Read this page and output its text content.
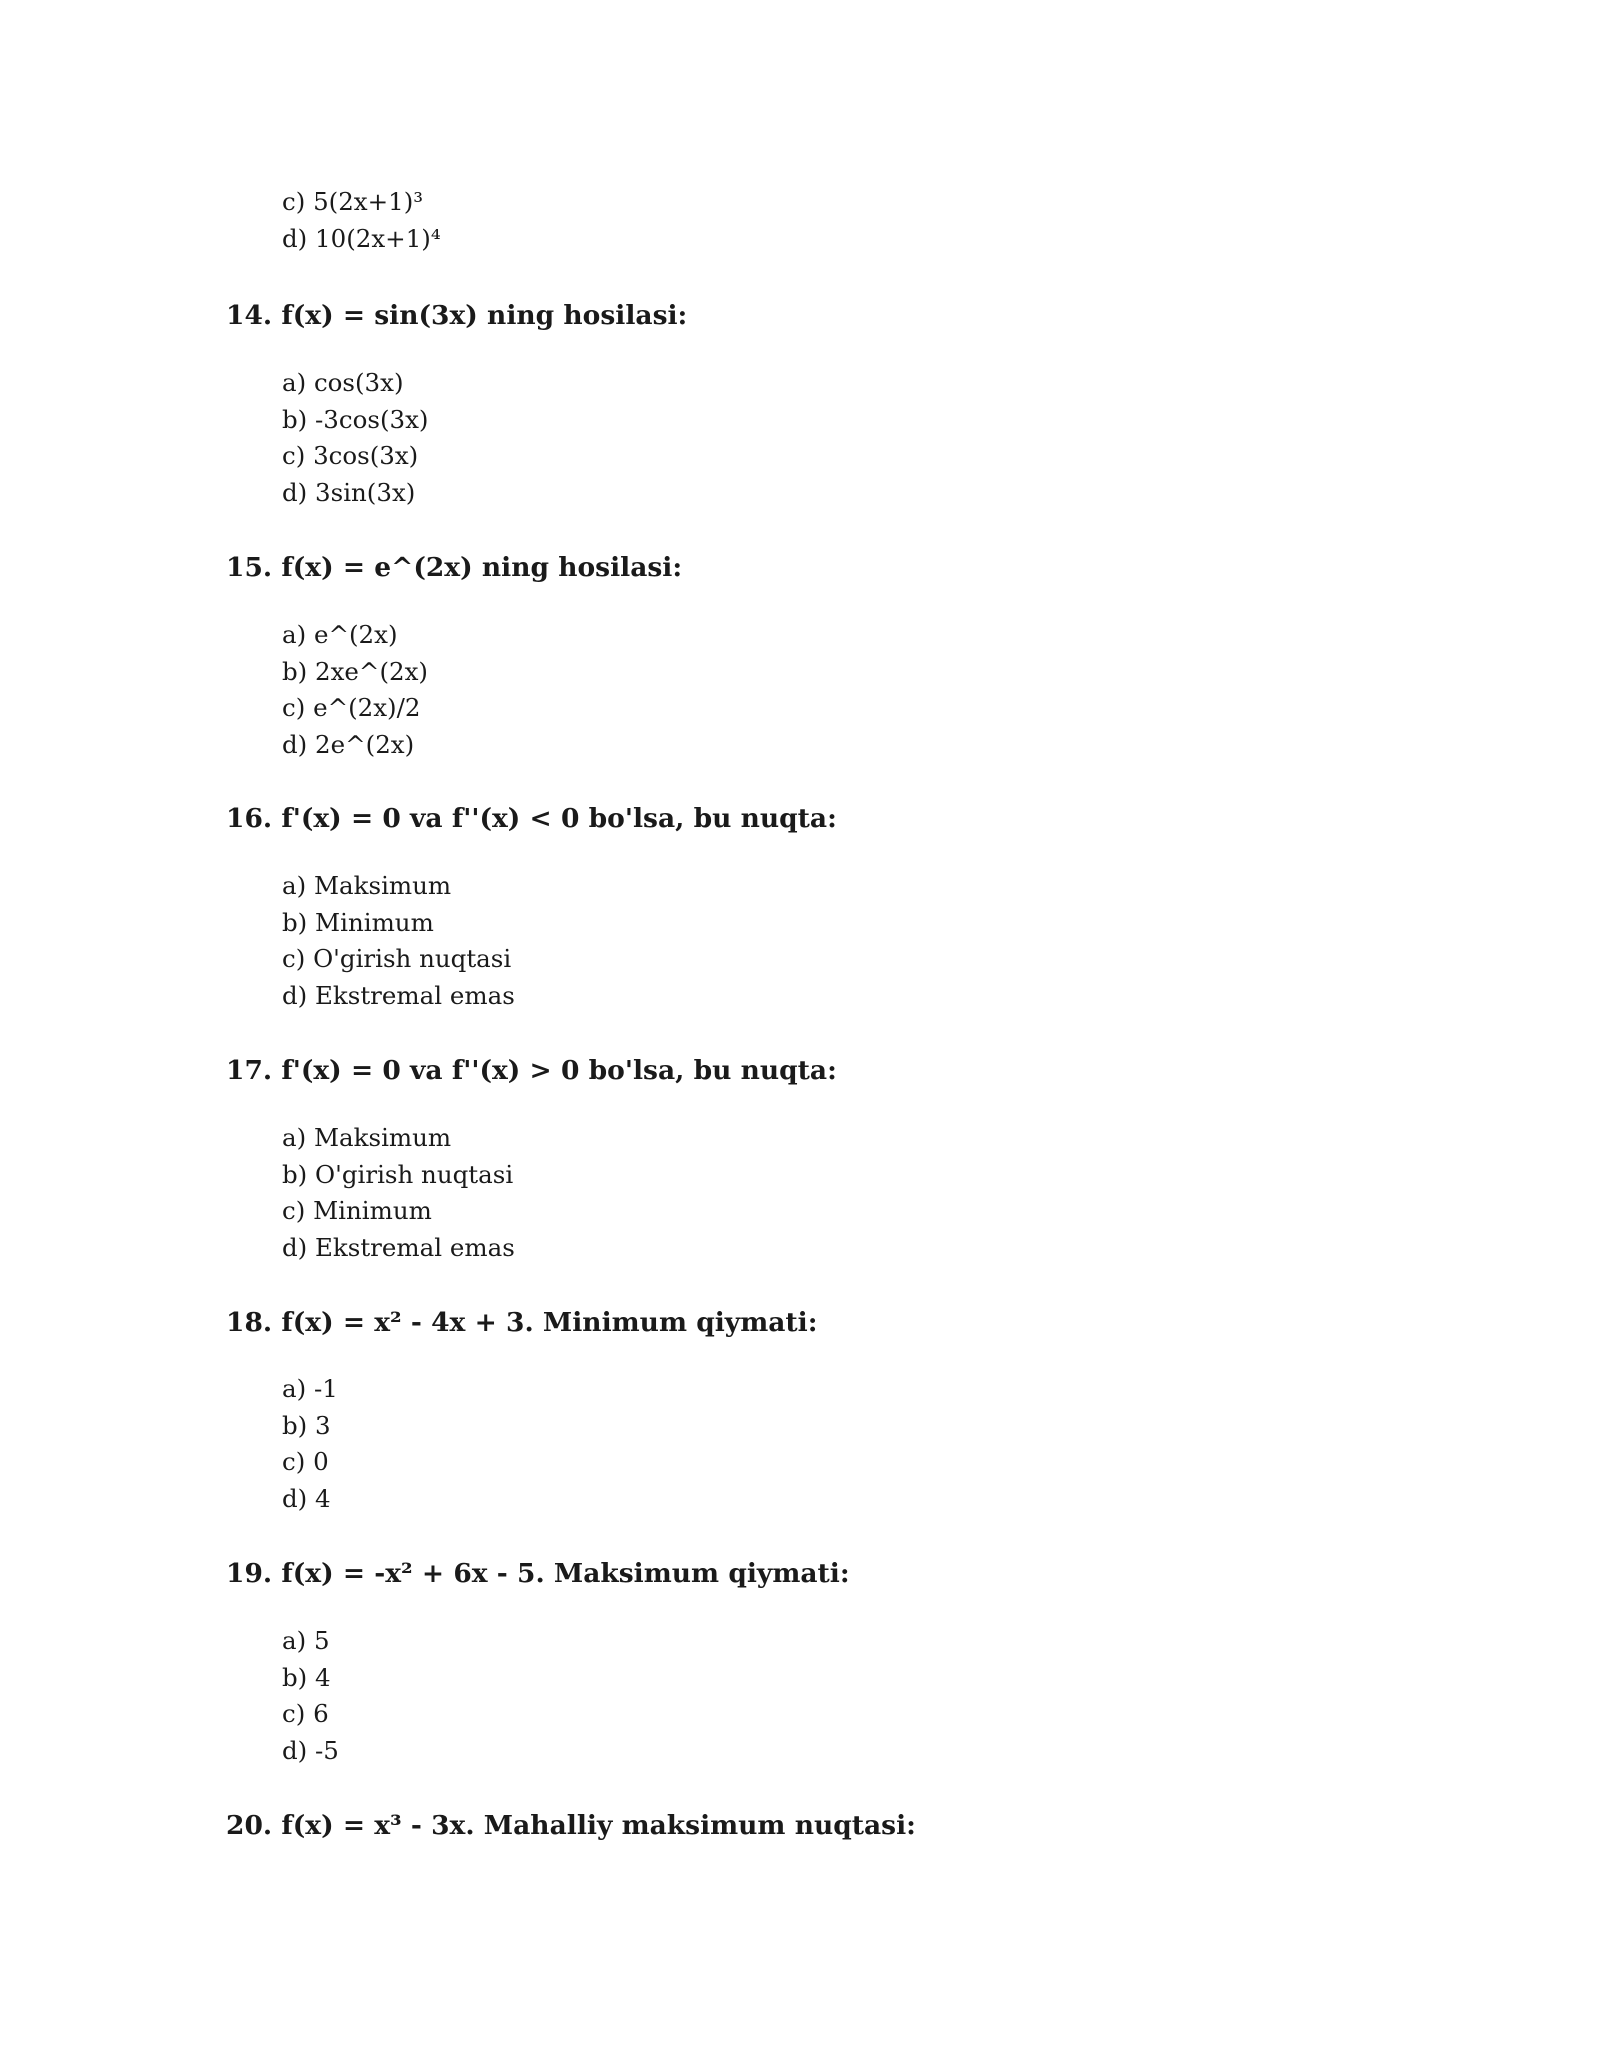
c) 5(2x+1)³
d) 10(2x+1)⁴

14. f(x) = sin(3x) ning hosilasi:

a) cos(3x)
b) -3cos(3x)
c) 3cos(3x)
d) 3sin(3x)

15. f(x) = e^(2x) ning hosilasi:

a) e^(2x)
b) 2xe^(2x)
c) e^(2x)/2
d) 2e^(2x)

16. f'(x) = 0 va f''(x) < 0 bo'lsa, bu nuqta:

a) Maksimum
b) Minimum
c) O'girish nuqtasi
d) Ekstremal emas

17. f'(x) = 0 va f''(x) > 0 bo'lsa, bu nuqta:

a) Maksimum
b) O'girish nuqtasi
c) Minimum
d) Ekstremal emas

18. f(x) = x² - 4x + 3. Minimum qiymati:

a) -1
b) 3
c) 0
d) 4

19. f(x) = -x² + 6x - 5. Maksimum qiymati:

a) 5
b) 4
c) 6
d) -5

20. f(x) = x³ - 3x. Mahalliy maksimum nuqtasi:
